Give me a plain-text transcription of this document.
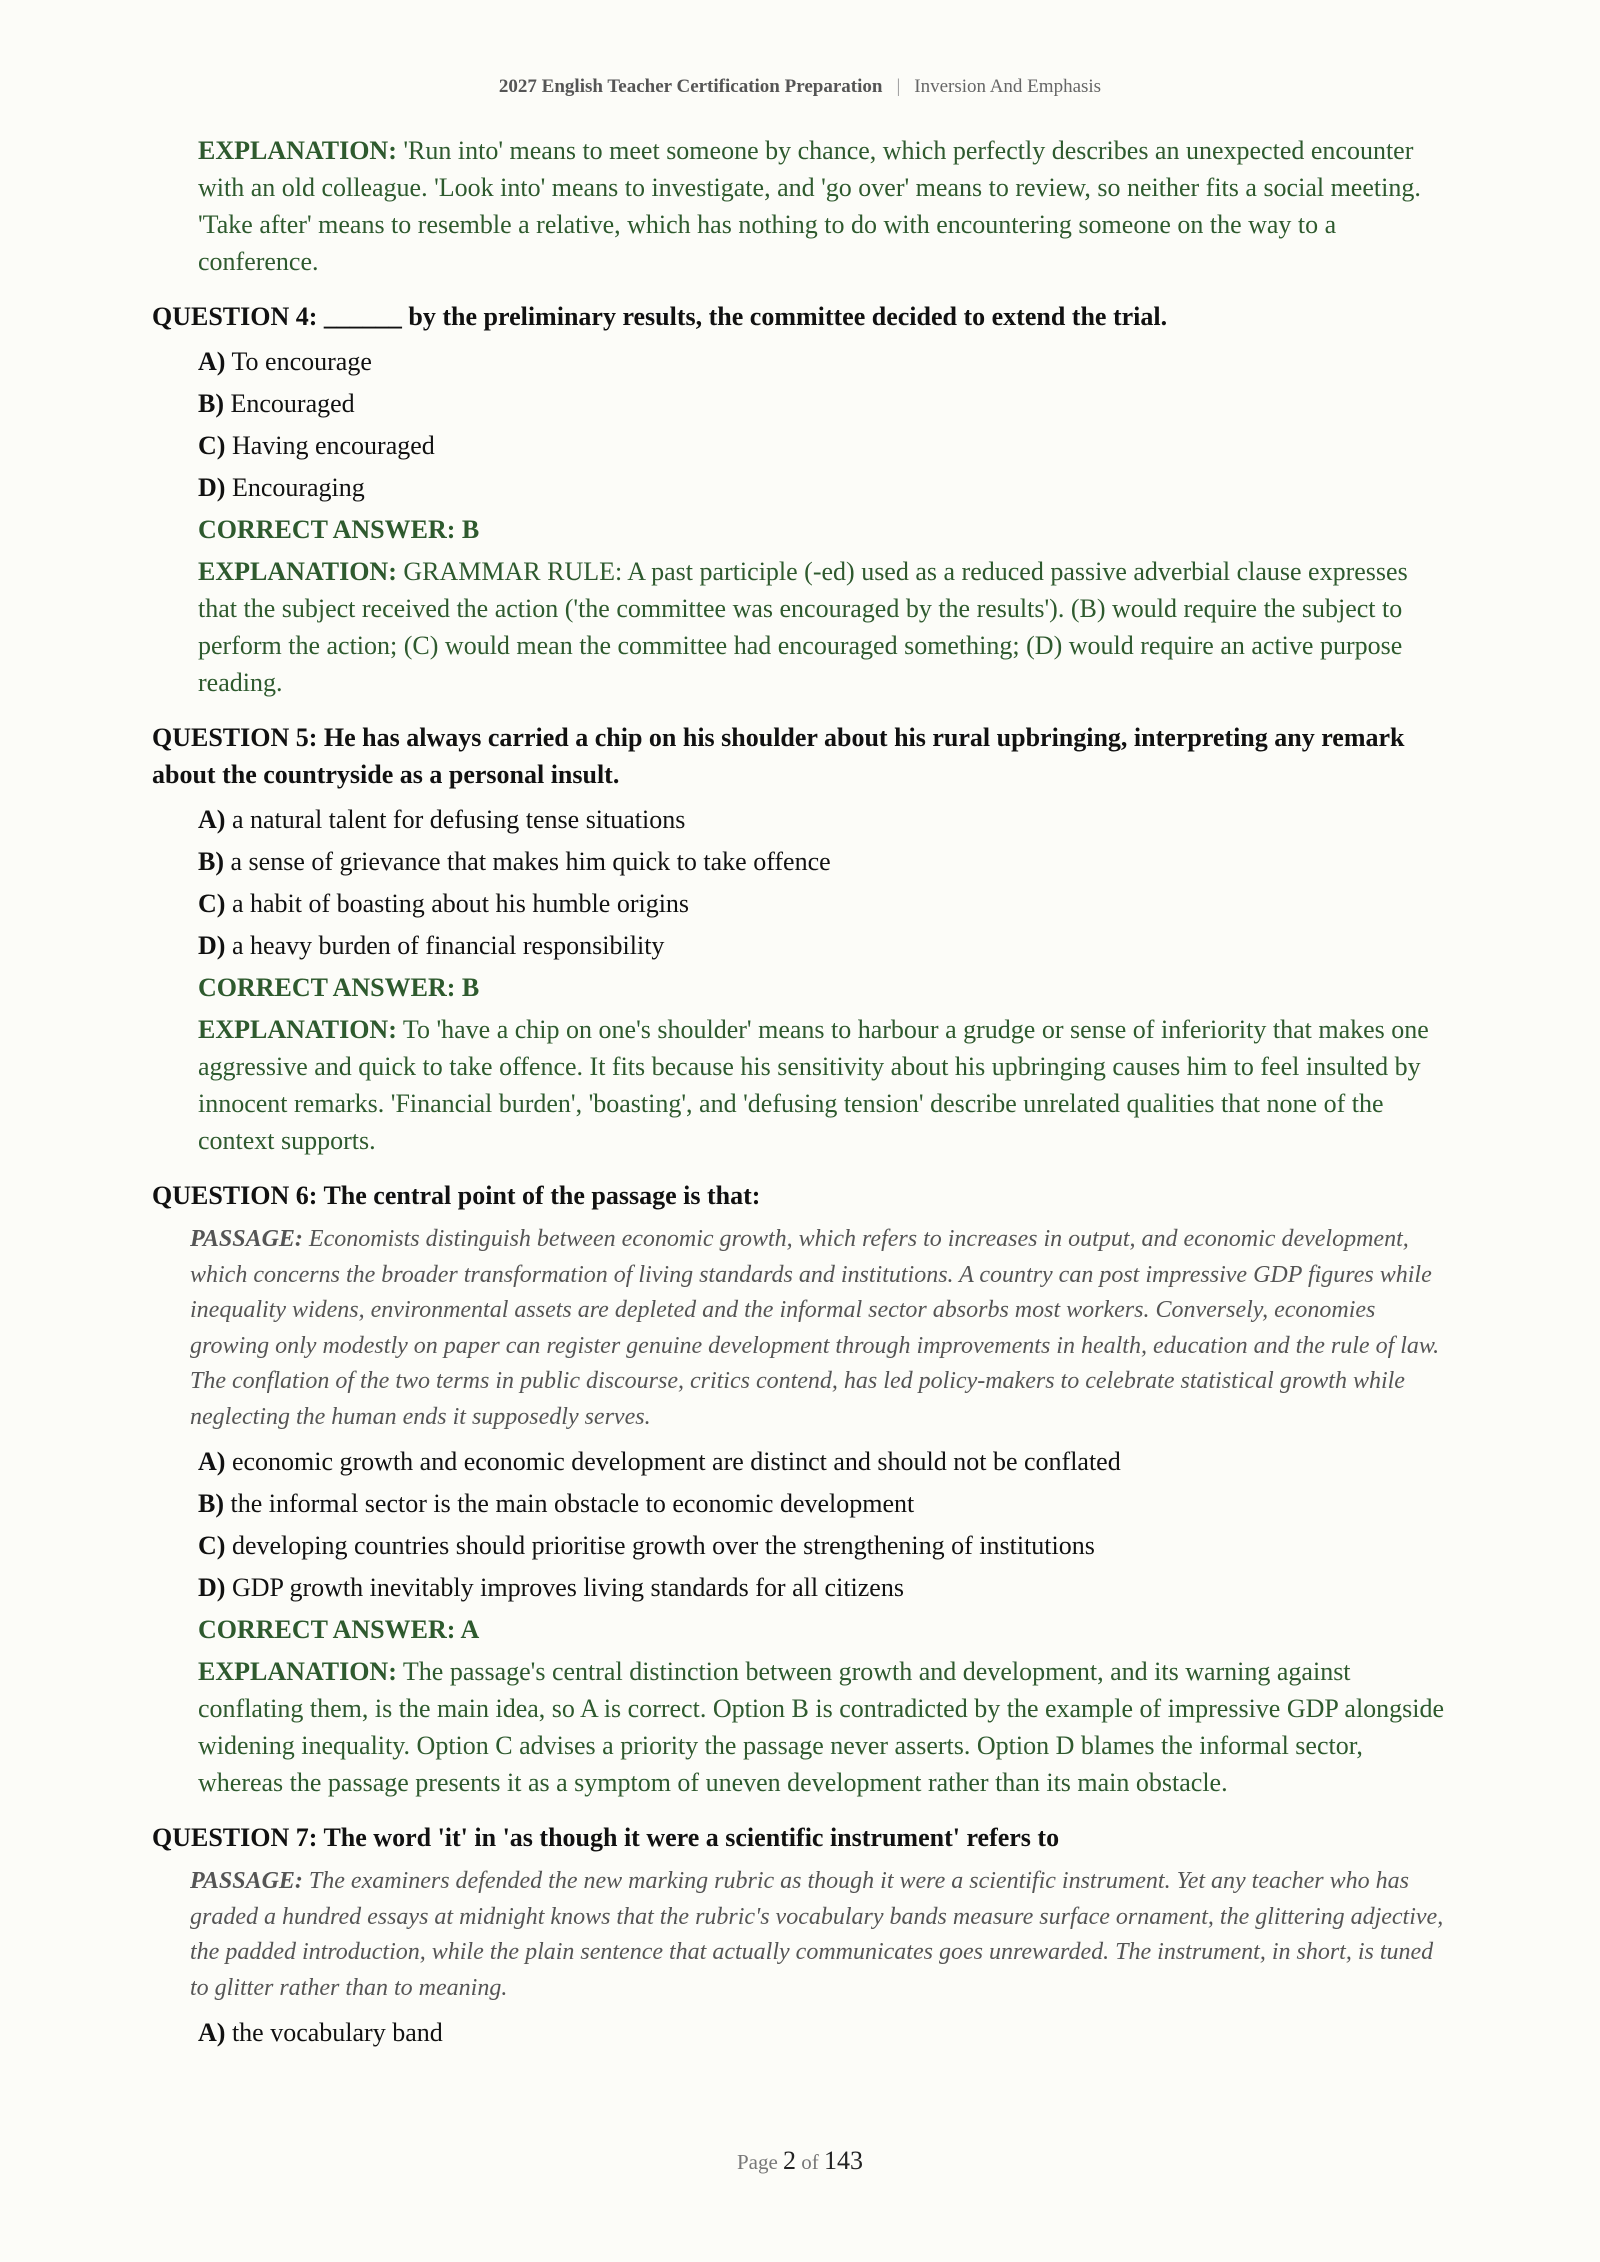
2027 English Teacher Certification Preparation | Inversion And Emphasis
EXPLANATION: 'Run into' means to meet someone by chance, which perfectly describes an unexpected encounter with an old colleague. 'Look into' means to investigate, and 'go over' means to review, so neither fits a social meeting. 'Take after' means to resemble a relative, which has nothing to do with encountering someone on the way to a conference.
QUESTION 4: ______ by the preliminary results, the committee decided to extend the trial.
A) To encourage
B) Encouraged
C) Having encouraged
D) Encouraging
CORRECT ANSWER: B
EXPLANATION: GRAMMAR RULE: A past participle (-ed) used as a reduced passive adverbial clause expresses that the subject received the action ('the committee was encouraged by the results'). (B) would require the subject to perform the action; (C) would mean the committee had encouraged something; (D) would require an active purpose reading.
QUESTION 5: He has always carried a chip on his shoulder about his rural upbringing, interpreting any remark about the countryside as a personal insult.
A) a natural talent for defusing tense situations
B) a sense of grievance that makes him quick to take offence
C) a habit of boasting about his humble origins
D) a heavy burden of financial responsibility
CORRECT ANSWER: B
EXPLANATION: To 'have a chip on one's shoulder' means to harbour a grudge or sense of inferiority that makes one aggressive and quick to take offence. It fits because his sensitivity about his upbringing causes him to feel insulted by innocent remarks. 'Financial burden', 'boasting', and 'defusing tension' describe unrelated qualities that none of the context supports.
QUESTION 6: The central point of the passage is that:
PASSAGE: Economists distinguish between economic growth, which refers to increases in output, and economic development, which concerns the broader transformation of living standards and institutions. A country can post impressive GDP figures while inequality widens, environmental assets are depleted and the informal sector absorbs most workers. Conversely, economies growing only modestly on paper can register genuine development through improvements in health, education and the rule of law. The conflation of the two terms in public discourse, critics contend, has led policy-makers to celebrate statistical growth while neglecting the human ends it supposedly serves.
A) economic growth and economic development are distinct and should not be conflated
B) the informal sector is the main obstacle to economic development
C) developing countries should prioritise growth over the strengthening of institutions
D) GDP growth inevitably improves living standards for all citizens
CORRECT ANSWER: A
EXPLANATION: The passage's central distinction between growth and development, and its warning against conflating them, is the main idea, so A is correct. Option B is contradicted by the example of impressive GDP alongside widening inequality. Option C advises a priority the passage never asserts. Option D blames the informal sector, whereas the passage presents it as a symptom of uneven development rather than its main obstacle.
QUESTION 7: The word 'it' in 'as though it were a scientific instrument' refers to
PASSAGE: The examiners defended the new marking rubric as though it were a scientific instrument. Yet any teacher who has graded a hundred essays at midnight knows that the rubric's vocabulary bands measure surface ornament, the glittering adjective, the padded introduction, while the plain sentence that actually communicates goes unrewarded. The instrument, in short, is tuned to glitter rather than to meaning.
A) the vocabulary band
Page 2 of 143
